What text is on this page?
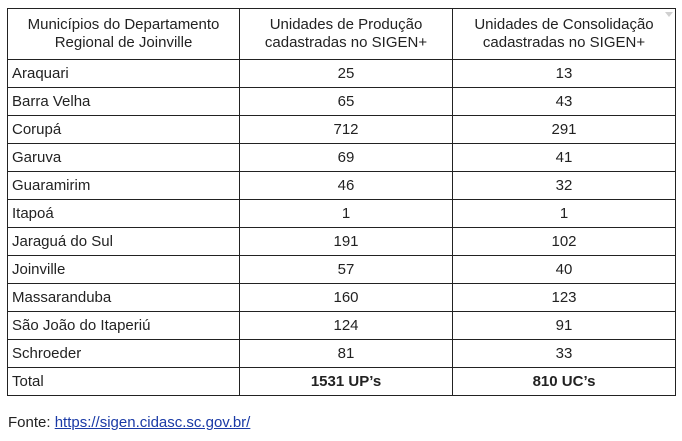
Municípios do Departamento Regional de Joinville	Unidades de Produção cadastradas no SIGEN+	Unidades de Consolidação cadastradas no SIGEN+

Araquari	25	13
Barra Velha	65	43
Corupá	712	291
Garuva	69	41
Guaramirim	46	32
Itapoá	1	1
Jaraguá do Sul	191	102
Joinville	57	40
Massaranduba	160	123
São João do Itaperiú	124	91
Schroeder	81	33
Total	1531 UP’s	810 UC’s
Fonte: https://sigen.cidasc.sc.gov.br/
